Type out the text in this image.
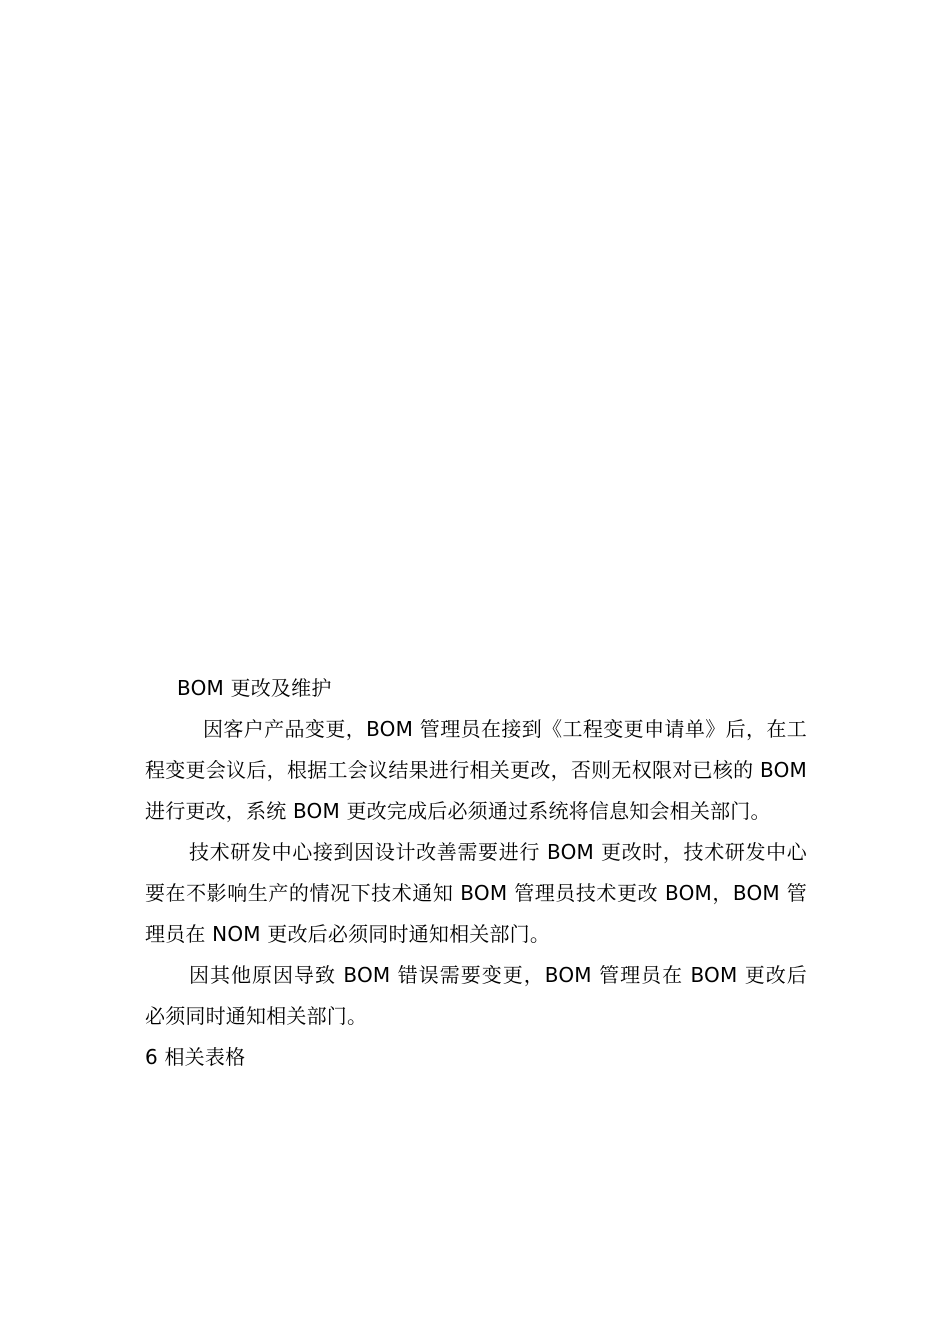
BOM 更改及维护

因客户产品变更，BOM 管理员在接到《工程变更申请单》后，在工程变更会议后，根据工会议结果进行相关更改，否则无权限对已核的 BOM 进行更改，系统 BOM 更改完成后必须通过系统将信息知会相关部门。

技术研发中心接到因设计改善需要进行 BOM 更改时，技术研发中心要在不影响生产的情况下技术通知 BOM 管理员技术更改 BOM，BOM 管理员在 NOM 更改后必须同时通知相关部门。

因其他原因导致 BOM 错误需要变更，BOM 管理员在 BOM 更改后必须同时通知相关部门。

6 相关表格
